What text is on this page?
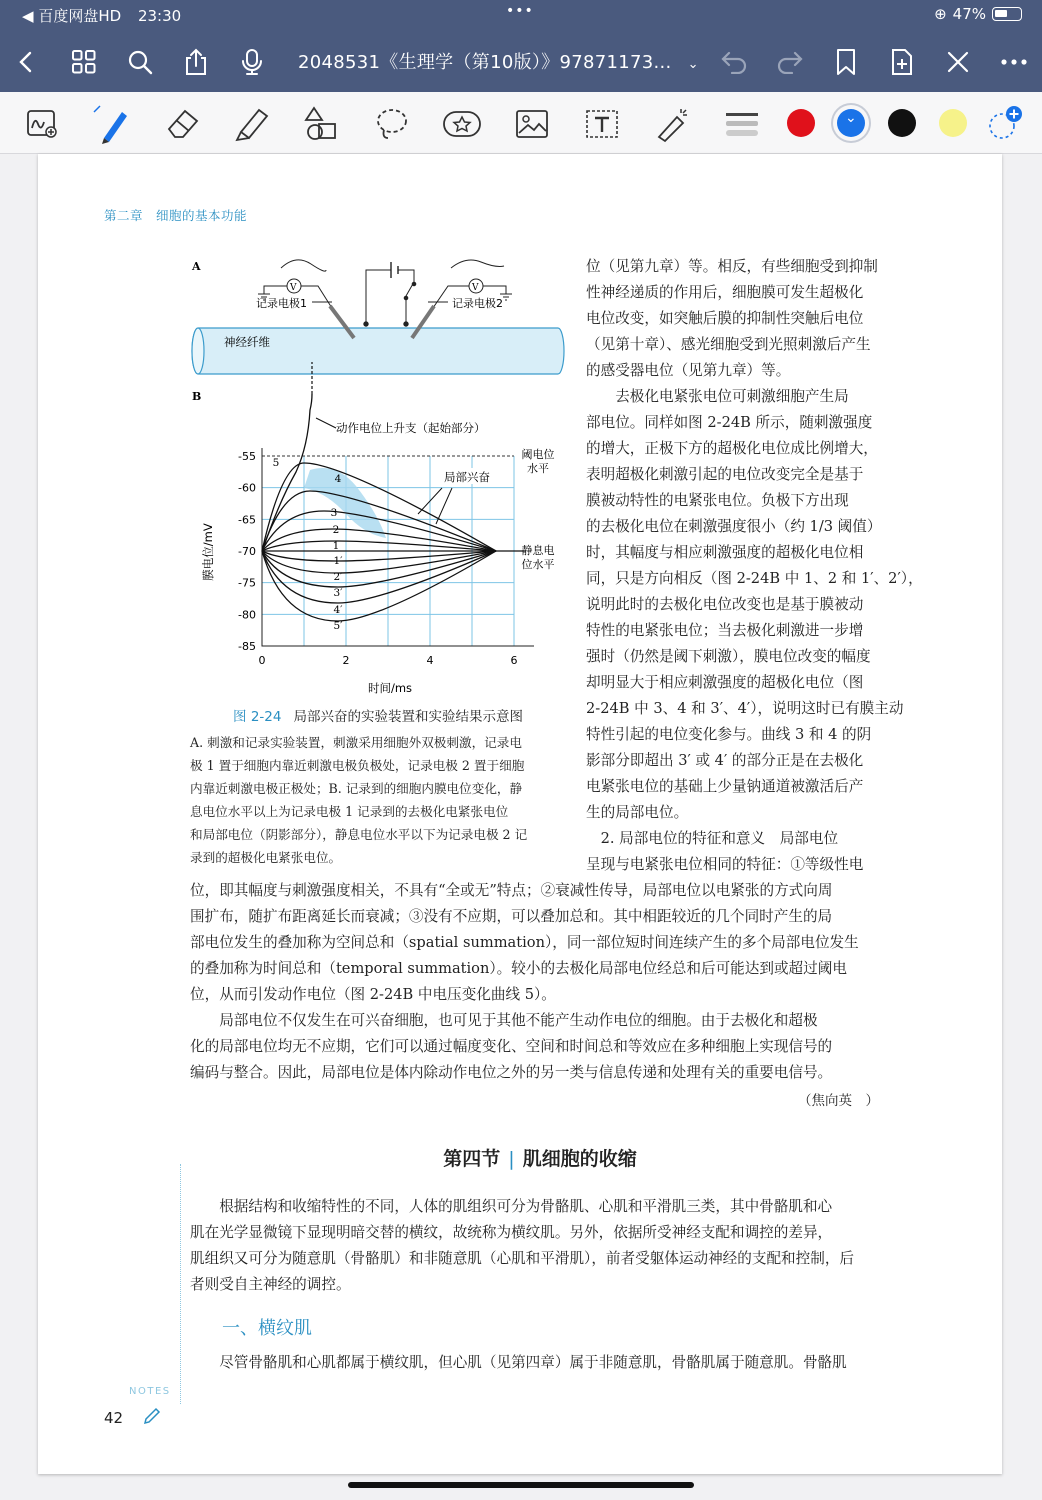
◀ 百度网盘HD 23:30	•••	⊕ 47%
2048531《生理学（第10版）》97871173... ⌄
⌄
第二章　细胞的基本功能
A
神经纤维
V	V
记录电极1	记录电极2
B
动作电位上升支（起始部分）
-55
-60
-65
-70
-75
-80
-85
0	2	4	6
5
4
3
2
1
1′
2′
3′
4′
5′
膜电位/mV
时间/ms
阈电位
水平
静息电
位水平
局部兴奋
图 2-24 局部兴奋的实验装置和实验结果示意图
A. 刺激和记录实验装置，刺激采用细胞外双极刺激，记录电
极 1 置于细胞内靠近刺激电极负极处，记录电极 2 置于细胞
内靠近刺激电极正极处；B. 记录到的细胞内膜电位变化，静
息电位水平以上为记录电极 1 记录到的去极化电紧张电位
和局部电位（阴影部分），静息电位水平以下为记录电极 2 记
录到的超极化电紧张电位。
位（见第九章）等。相反，有些细胞受到抑制
性神经递质的作用后，细胞膜可发生超极化
电位改变，如突触后膜的抑制性突触后电位
（见第十章）、感光细胞受到光照刺激后产生
的感受器电位（见第九章）等。
　　去极化电紧张电位可刺激细胞产生局
部电位。同样如图 2-24B 所示，随刺激强度
的增大，正极下方的超极化电位成比例增大，
表明超极化刺激引起的电位改变完全是基于
膜被动特性的电紧张电位。负极下方出现
的去极化电位在刺激强度很小（约 1/3 阈值）
时，其幅度与相应刺激强度的超极化电位相
同，只是方向相反（图 2-24B 中 1、2 和 1′、2′），
说明此时的去极化电位改变也是基于膜被动
特性的电紧张电位；当去极化刺激进一步增
强时（仍然是阈下刺激），膜电位改变的幅度
却明显大于相应刺激强度的超极化电位（图
2-24B 中 3、4 和 3′、4′），说明这时已有膜主动
特性引起的电位变化参与。曲线 3 和 4 的阴
影部分即超出 3′ 或 4′ 的部分正是在去极化
电紧张电位的基础上少量钠通道被激活后产
生的局部电位。
　2. 局部电位的特征和意义　局部电位
呈现与电紧张电位相同的特征：①等级性电
位，即其幅度与刺激强度相关，不具有“全或无”特点；②衰减性传导，局部电位以电紧张的方式向周
围扩布，随扩布距离延长而衰减；③没有不应期，可以叠加总和。其中相距较近的几个同时产生的局
部电位发生的叠加称为空间总和（spatial summation），同一部位短时间连续产生的多个局部电位发生
的叠加称为时间总和（temporal summation）。较小的去极化局部电位经总和后可能达到或超过阈电
位，从而引发动作电位（图 2-24B 中电压变化曲线 5）。
　　局部电位不仅发生在可兴奋细胞，也可见于其他不能产生动作电位的细胞。由于去极化和超极
化的局部电位均无不应期，它们可以通过幅度变化、空间和时间总和等效应在多种细胞上实现信号的
编码与整合。因此，局部电位是体内除动作电位之外的另一类与信息传递和处理有关的重要电信号。
（焦向英　）
第四节 | 肌细胞的收缩
　　根据结构和收缩特性的不同，人体的肌组织可分为骨骼肌、心肌和平滑肌三类，其中骨骼肌和心
肌在光学显微镜下显现明暗交替的横纹，故统称为横纹肌。另外，依据所受神经支配和调控的差异，
肌组织又可分为随意肌（骨骼肌）和非随意肌（心肌和平滑肌），前者受躯体运动神经的支配和控制，后
者则受自主神经的调控。
一、横纹肌
　　尽管骨骼肌和心肌都属于横纹肌，但心肌（见第四章）属于非随意肌，骨骼肌属于随意肌。骨骼肌
NOTES
42
